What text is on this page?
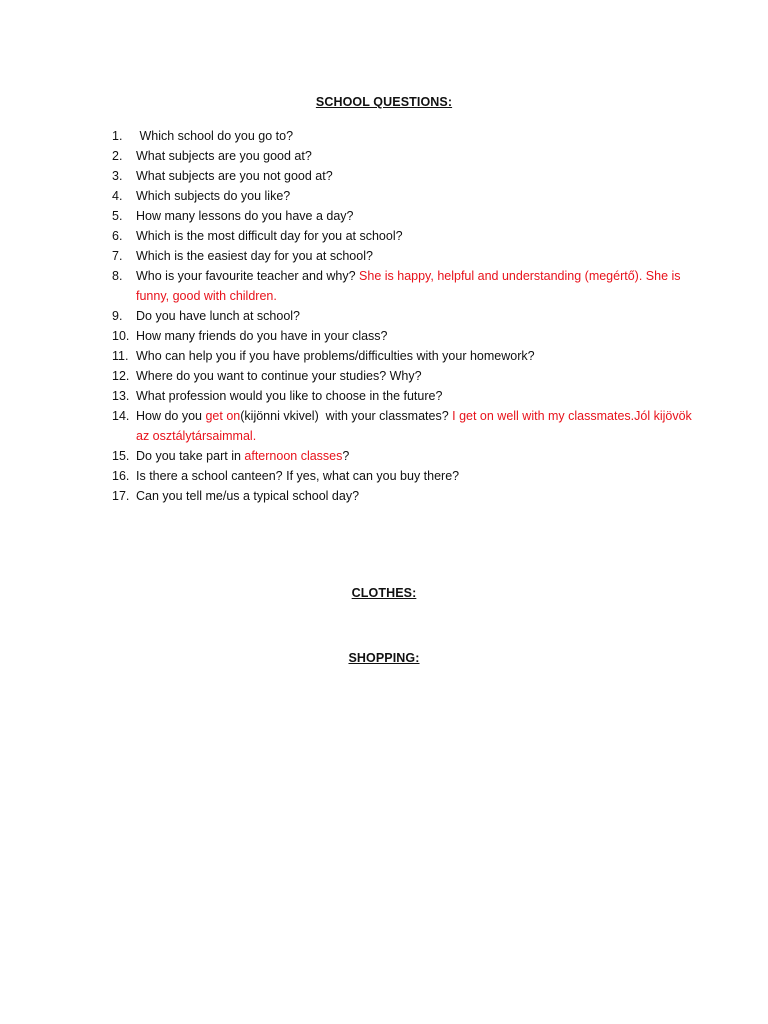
SCHOOL QUESTIONS:
1. Which school do you go to?
2. What subjects are you good at?
3. What subjects are you not good at?
4. Which subjects do you like?
5. How many lessons do you have a day?
6. Which is the most difficult day for you at school?
7. Which is the easiest day for you at school?
8. Who is your favourite teacher and why? She is happy, helpful and understanding (megértő). She is funny, good with children.
9. Do you have lunch at school?
10. How many friends do you have in your class?
11. Who can help you if you have problems/difficulties with your homework?
12. Where do you want to continue your studies? Why?
13. What profession would you like to choose in the future?
14. How do you get on(kijönni vkivel)  with your classmates? I get on well with my classmates.Jól kijövök az osztálytársaimmal.
15. Do you take part in afternoon classes?
16. Is there a school canteen? If yes, what can you buy there?
17. Can you tell me/us a typical school day?
CLOTHES:
SHOPPING:
